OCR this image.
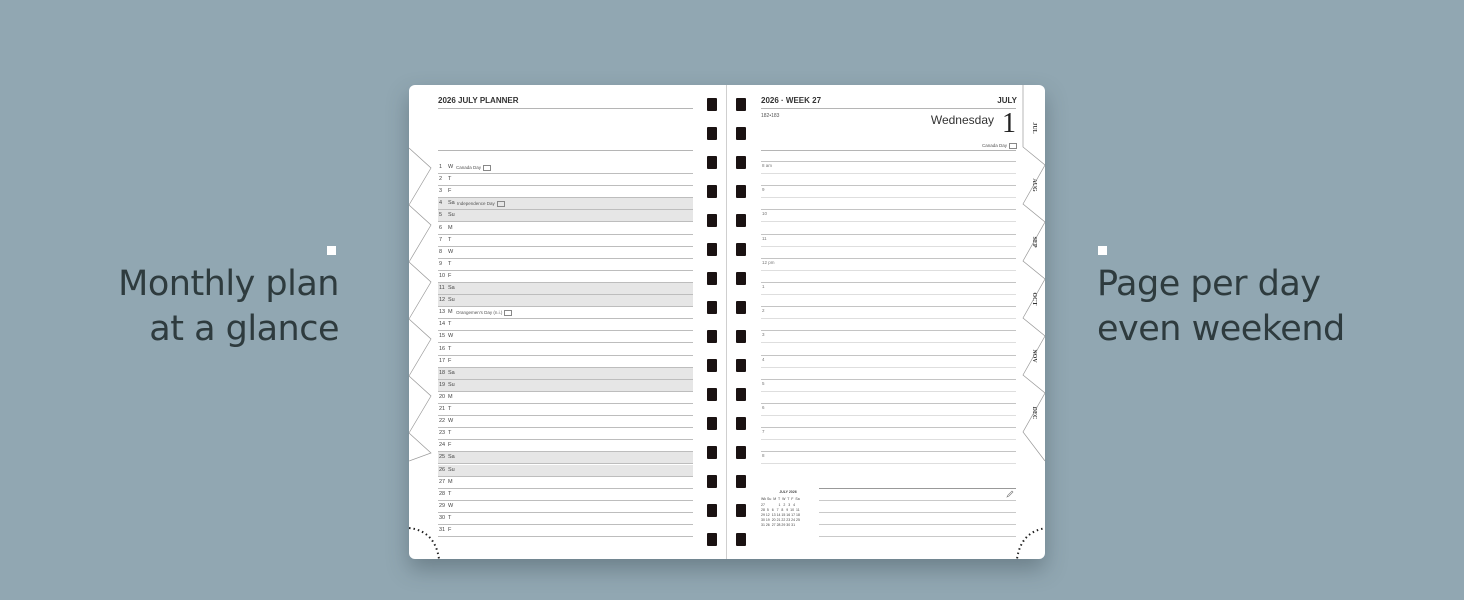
Monthly plan
at a glance
Page per day
even weekend
2026 JULY PLANNER
1 W Canada Day
2 T
3 F
4 Sa Independence Day
5 Su
6 M
7 T
8 W
9 T
10 F
11 Sa
12 Su
13 M Orangemen's Day (n.i.)
14 T
15 W
16 T
17 F
18 Sa
19 Su
20 M
21 T
22 W
23 T
24 F
25 Sa
26 Su
27 M
28 T
29 W
30 T
31 F
2026 · WEEK 27	JULY
182•183	Wednesday 1
Canada Day
8 am
9
10
11
12 pm
1
2
3
4
5
6
7
8
JULY 2026
Wk Su  M  T  W  T  F  Sa
27              1   2   3   4
28  5   6   7   8   9  10  11
29 12  13 14 15 16 17 18
30 19  20 21 22 23 24 25
31 26  27 28 29 30 31
JUL
AUG
SEP
OCT
NOV
DEC
